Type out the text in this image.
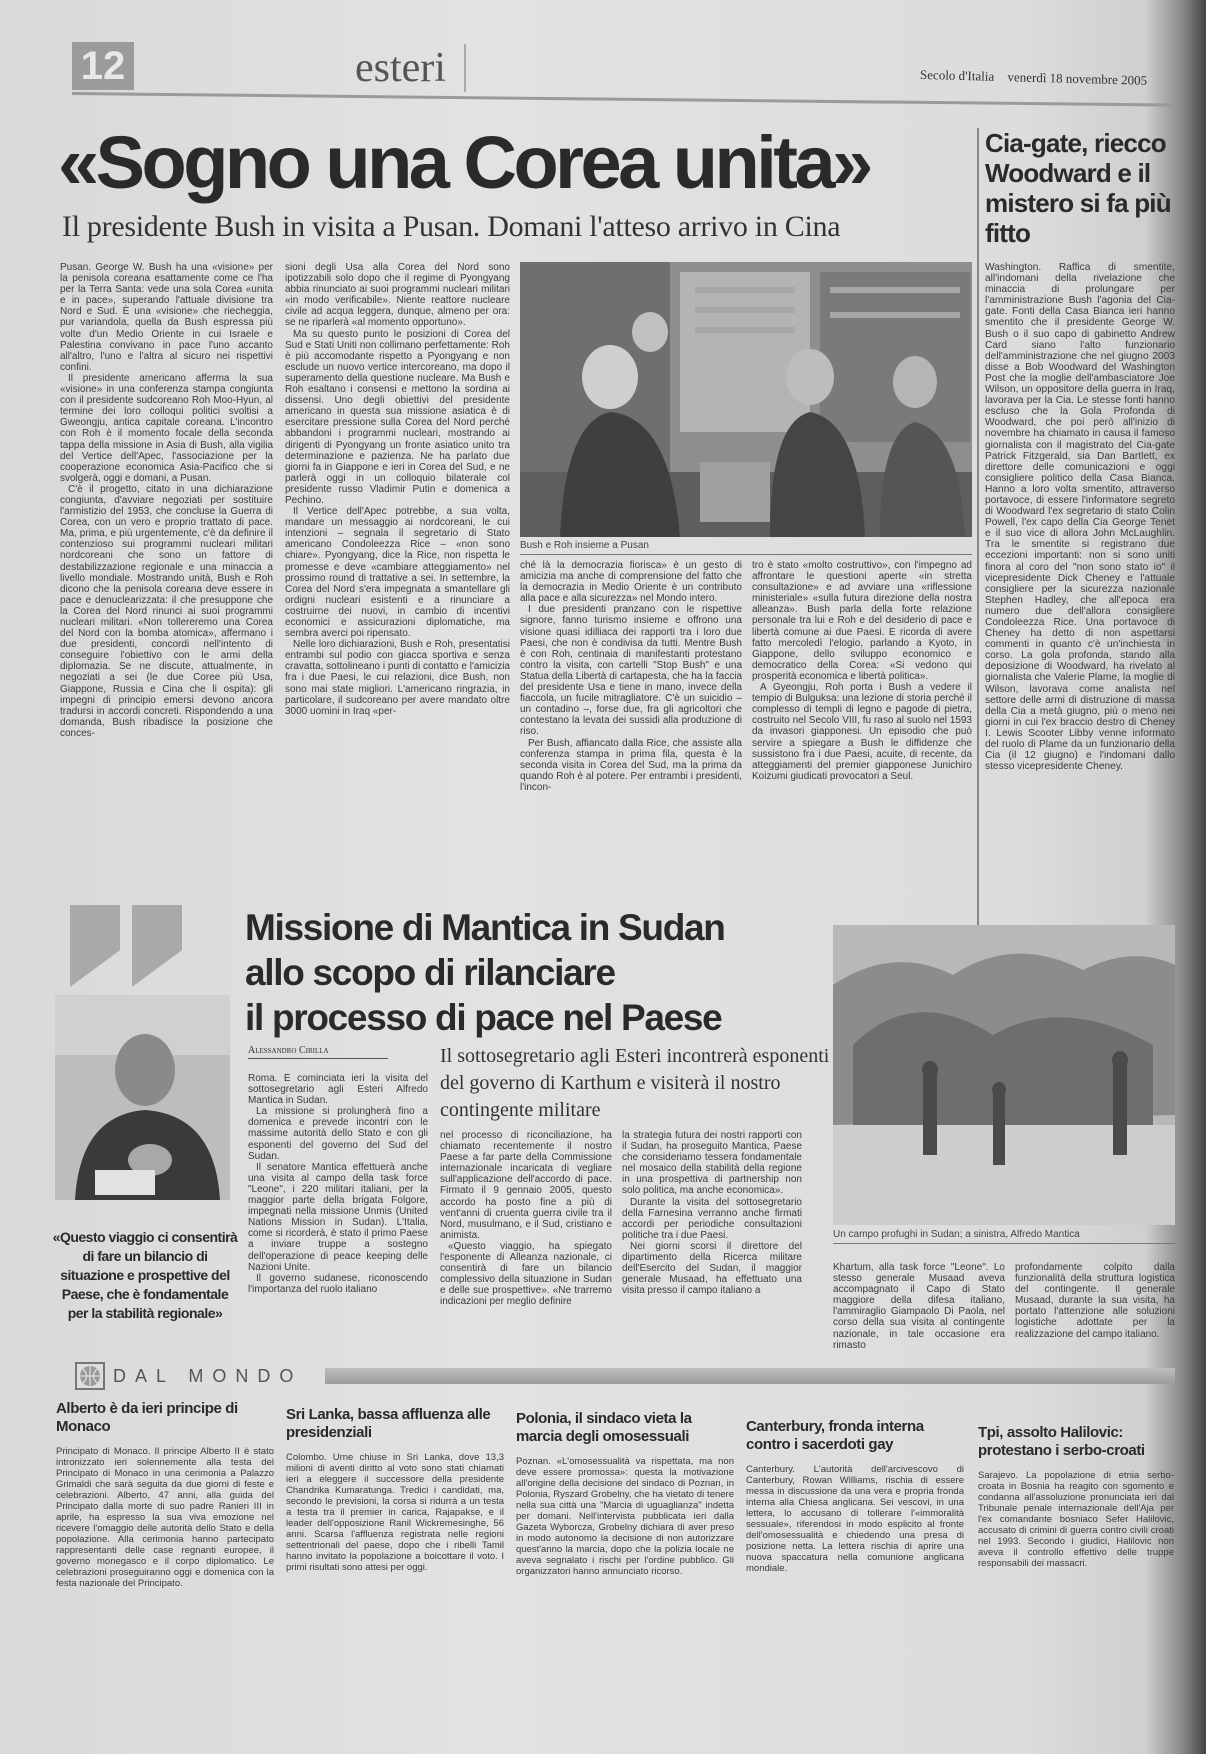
12	esteri	Secolo d'Italia venerdì 18 novembre 2005
«Sogno una Corea unita»
Il presidente Bush in visita a Pusan. Domani l'atteso arrivo in Cina

Pusan. George W. Bush ha una «visione» per la penisola coreana esattamente come ce l'ha per la Terra Santa: vede una sola Corea «unita e in pace», superando l'attuale divisione tra Nord e Sud. È una «visione» che riecheggia, pur variandola, quella da Bush espressa più volte d'un Medio Oriente in cui Israele e Palestina convivano in pace l'uno accanto all'altro, l'uno e l'altra al sicuro nei rispettivi confini.

Il presidente americano afferma la sua «visione» in una conferenza stampa congiunta con il presidente sudcoreano Roh Moo-Hyun, al termine dei loro colloqui politici svoltisi a Gweongju, antica capitale coreana. L'incontro con Roh è il momento focale della seconda tappa della missione in Asia di Bush, alla vigilia del Vertice dell'Apec, l'associazione per la cooperazione economica Asia-Pacifico che si svolgerà, oggi e domani, a Pusan.

C'è il progetto, citato in una dichiarazione congiunta, d'avviare negoziati per sostituire l'armistizio del 1953, che concluse la Guerra di Corea, con un vero e proprio trattato di pace. Ma, prima, e più urgentemente, c'è da definire il contenzioso sui programmi nucleari militari nordcoreani che sono un fattore di destabilizzazione regionale e una minaccia a livello mondiale. Mostrando unità, Bush e Roh dicono che la penisola coreana deve essere in pace e denuclearizzata: il che presuppone che la Corea del Nord rinunci ai suoi programmi nucleari militari. «Non tollereremo una Corea del Nord con la bomba atomica», affermano i due presidenti, concordi nell'intento di conseguire l'obiettivo con le armi della diplomazia. Se ne discute, attualmente, in negoziati a sei (le due Coree più Usa, Giappone, Russia e Cina che li ospita): gli impegni di principio emersi devono ancora tradursi in accordi concreti. Rispondendo a una domanda, Bush ribadisce la posizione che conces-

sioni degli Usa alla Corea del Nord sono ipotizzabili solo dopo che il regime di Pyongyang abbia rinunciato ai suoi programmi nucleari militari «in modo verificabile». Niente reattore nucleare civile ad acqua leggera, dunque, almeno per ora: se ne riparlerà «al momento opportuno».

Ma su questo punto le posizioni di Corea del Sud e Stati Uniti non collimano perfettamente: Roh è più accomodante rispetto a Pyongyang e non esclude un nuovo vertice intercoreano, ma dopo il superamento della questione nucleare. Ma Bush e Roh esaltano i consensi e mettono la sordina ai dissensi. Uno degli obiettivi del presidente americano in questa sua missione asiatica è di esercitare pressione sulla Corea del Nord perché abbandoni i programmi nucleari, mostrando ai dirigenti di Pyongyang un fronte asiatico unito tra determinazione e pazienza. Ne ha parlato due giorni fa in Giappone e ieri in Corea del Sud, e ne parlerà oggi in un colloquio bilaterale col presidente russo Vladimir Putin e domenica a Pechino.

Il Vertice dell'Apec potrebbe, a sua volta, mandare un messaggio ai nordcoreani, le cui intenzioni – segnala il segretario di Stato americano Condoleezza Rice – «non sono chiare». Pyongyang, dice la Rice, non rispetta le promesse e deve «cambiare atteggiamento» nel prossimo round di trattative a sei. In settembre, la Corea del Nord s'era impegnata a smantellare gli ordigni nucleari esistenti e a rinunciare a costruirne dei nuovi, in cambio di incentivi economici e assicurazioni diplomatiche, ma sembra averci poi ripensato.

Nelle loro dichiarazioni, Bush e Roh, presentatisi entrambi sul podio con giacca sportiva e senza cravatta, sottolineano i punti di contatto e l'amicizia fra i due Paesi, le cui relazioni, dice Bush, non sono mai state migliori. L'americano ringrazia, in particolare, il sudcoreano per avere mandato oltre 3000 uomini in Iraq «per-

Bush e Roh insieme a Pusan

ché là la democrazia fiorisca» è un gesto di amicizia ma anche di comprensione del fatto che la democrazia in Medio Oriente è un contributo alla pace e alla sicurezza» nel Mondo intero.

I due presidenti pranzano con le rispettive signore, fanno turismo insieme e offrono una visione quasi idilliaca dei rapporti tra i loro due Paesi, che non è condivisa da tutti. Mentre Bush è con Roh, centinaia di manifestanti protestano contro la visita, con cartelli "Stop Bush" e una Statua della Libertà di cartapesta, che ha la faccia del presidente Usa e tiene in mano, invece della fiaccola, un fucile mitragliatore. C'è un suicidio – un contadino –, forse due, fra gli agricoltori che contestano la levata dei sussidi alla produzione di riso.

Per Bush, affiancato dalla Rice, che assiste alla conferenza stampa in prima fila, questa è la seconda visita in Corea del Sud, ma la prima da quando Roh è al potere. Per entrambi i presidenti, l'incon-

tro è stato «molto costruttivo», con l'impegno ad affrontare le questioni aperte «in stretta consultazione» e ad avviare una «riflessione ministeriale» «sulla futura direzione della nostra alleanza». Bush parla della forte relazione personale tra lui e Roh e del desiderio di pace e libertà comune ai due Paesi. E ricorda di avere fatto mercoledì l'elogio, parlando a Kyoto, in Giappone, dello sviluppo economico e democratico della Corea: «Si vedono qui prosperità economica e libertà politica».

A Gyeongju, Roh porta i Bush a vedere il tempio di Bulguksa: una lezione di storia perché il complesso di templi di legno e pagode di pietra, costruito nel Secolo VIII, fu raso al suolo nel 1593 da invasori giapponesi. Un episodio che può servire a spiegare a Bush le diffidenze che sussistono fra i due Paesi, acuite, di recente, da atteggiamenti del premier giapponese Junichiro Koizumi giudicati provocatori a Seul.

Cia-gate, riecco Woodward e il mistero si fa più fitto

Washington. Raffica di smentite, all'indomani della rivelazione che minaccia di prolungare per l'amministrazione Bush l'agonia del Cia-gate. Fonti della Casa Bianca ieri hanno smentito che il presidente George W. Bush o il suo capo di gabinetto Andrew Card siano l'alto funzionario dell'amministrazione che nel giugno 2003 disse a Bob Woodward del Washington Post che la moglie dell'ambasciatore Joe Wilson, un oppositore della guerra in Iraq, lavorava per la Cia. Le stesse fonti hanno escluso che la Gola Profonda di Woodward, che poi però all'inizio di novembre ha chiamato in causa il famoso giornalista con il magistrato del Cia-gate Patrick Fitzgerald, sia Dan Bartlett, ex direttore delle comunicazioni e oggi consigliere politico della Casa Bianca. Hanno a loro volta smentito, attraverso portavoce, di essere l'informatore segreto di Woodward l'ex segretario di stato Colin Powell, l'ex capo della Cia George Tenet e il suo vice di allora John McLaughlin. Tra le smentite si registrano due eccezioni importanti: non si sono uniti finora al coro del "non sono stato io" il vicepresidente Dick Cheney e l'attuale consigliere per la sicurezza nazionale Stephen Hadley, che all'epoca era numero due dell'allora consigliere Condoleezza Rice. Una portavoce di Cheney ha detto di non aspettarsi commenti in quanto c'è un'inchiesta in corso. La gola profonda, stando alla deposizione di Woodward, ha rivelato al giornalista che Valerie Plame, la moglie di Wilson, lavorava come analista nel settore delle armi di distruzione di massa della Cia a metà giugno, più o meno nei giorni in cui l'ex braccio destro di Cheney I. Lewis Scooter Libby venne informato del ruolo di Plame da un funzionario della Cia (il 12 giugno) e l'indomani dallo stesso vicepresidente Cheney.

Missione di Mantica in Sudan
allo scopo di rilanciare
il processo di pace nel Paese
«Questo viaggio ci consentirà di fare un bilancio di situazione e prospettive del Paese, che è fondamentale per la stabilità regionale»
Alessandro Cirilla	Il sottosegretario agli Esteri incontrerà esponenti del governo di Karthum e visiterà il nostro contingente militare

Roma. È cominciata ieri la visita del sottosegretario agli Esteri Alfredo Mantica in Sudan.

La missione si prolungherà fino a domenica e prevede incontri con le massime autorità dello Stato e con gli esponenti del governo del Sud del Sudan.

Il senatore Mantica effettuerà anche una visita al campo della task force "Leone", i 220 militari italiani, per la maggior parte della brigata Folgore, impegnati nella missione Unmis (United Nations Mission in Sudan). L'Italia, come si ricorderà, è stato il primo Paese a inviare truppe a sostegno dell'operazione di peace keeping delle Nazioni Unite.

Il governo sudanese, riconoscendo l'importanza del ruolo italiano

nel processo di riconciliazione, ha chiamato recentemente il nostro Paese a far parte della Commissione internazionale incaricata di vegliare sull'applicazione dell'accordo di pace. Firmato il 9 gennaio 2005, questo accordo ha posto fine a più di vent'anni di cruenta guerra civile tra il Nord, musulmano, e il Sud, cristiano e animista.

«Questo viaggio, ha spiegato l'esponente di Alleanza nazionale, ci consentirà di fare un bilancio complessivo della situazione in Sudan e delle sue prospettive». «Ne trarremo indicazioni per meglio definire

la strategia futura dei nostri rapporti con il Sudan, ha proseguito Mantica, Paese che consideriamo tessera fondamentale nel mosaico della stabilità della regione in una prospettiva di partnership non solo politica, ma anche economica».

Durante la visita del sottosegretario della Farnesina verranno anche firmati accordi per periodiche consultazioni politiche tra i due Paesi.

Nei giorni scorsi il direttore del dipartimento della Ricerca militare dell'Esercito del Sudan, il maggior generale Musaad, ha effettuato una visita presso il campo italiano a

Un campo profughi in Sudan; a sinistra, Alfredo Mantica

Khartum, alla task force "Leone". Lo stesso generale Musaad aveva accompagnato il Capo di Stato maggiore della difesa italiano, l'ammiraglio Giampaolo Di Paola, nel corso della sua visita al contingente nazionale, in tale occasione era rimasto

profondamente colpito dalla funzionalità della struttura logistica del contingente. Il generale Musaad, durante la sua visita, ha portato l'attenzione alle soluzioni logistiche adottate per la realizzazione del campo italiano.

DAL MONDO
Alberto è da ieri principe di Monaco
Principato di Monaco. Il principe Alberto II è stato intronizzato ieri solennemente alla testa del Principato di Monaco in una cerimonia a Palazzo Grimaldi che sarà seguita da due giorni di feste e celebrazioni. Alberto, 47 anni, alla guida del Principato dalla morte di suo padre Ranieri III in aprile, ha espresso la sua viva emozione nel ricevere l'omaggio delle autorità dello Stato e della popolazione. Alla cerimonia hanno partecipato rappresentanti delle case regnanti europee, il governo monegasco e il corpo diplomatico. Le celebrazioni proseguiranno oggi e domenica con la festa nazionale del Principato.
Sri Lanka, bassa affluenza alle presidenziali
Colombo. Urne chiuse in Sri Lanka, dove 13,3 milioni di aventi diritto al voto sono stati chiamati ieri a eleggere il successore della presidente Chandrika Kumaratunga. Tredici i candidati, ma, secondo le previsioni, la corsa si ridurrà a un testa a testa tra il premier in carica, Rajapakse, e il leader dell'opposizione Ranil Wickremesinghe, 56 anni. Scarsa l'affluenza registrata nelle regioni settentrionali del paese, dopo che i ribelli Tamil hanno invitato la popolazione a boicottare il voto. I primi risultati sono attesi per oggi.
Polonia, il sindaco vieta la marcia degli omosessuali
Poznan. «L'omosessualità va rispettata, ma non deve essere promossa»: questa la motivazione all'origine della decisione del sindaco di Poznan, in Polonia, Ryszard Grobelny, che ha vietato di tenere nella sua città una "Marcia di uguaglianza" indetta per domani. Nell'intervista pubblicata ieri dalla Gazeta Wyborcza, Grobelny dichiara di aver preso in modo autonomo la decisione di non autorizzare quest'anno la marcia, dopo che la polizia locale ne aveva segnalato i rischi per l'ordine pubblico. Gli organizzatori hanno annunciato ricorso.
Canterbury, fronda interna contro i sacerdoti gay
Canterbury. L'autorità dell'arcivescovo di Canterbury, Rowan Williams, rischia di essere messa in discussione da una vera e propria fronda interna alla Chiesa anglicana. Sei vescovi, in una lettera, lo accusano di tollerare l'«immoralità sessuale», riferendosi in modo esplicito al fronte dell'omosessualità e chiedendo una presa di posizione netta. La lettera rischia di aprire una nuova spaccatura nella comunione anglicana mondiale.
Tpi, assolto Halilovic: protestano i serbo-croati
Sarajevo. La popolazione di etnia serbo-croata in Bosnia ha reagito con sgomento e condanna all'assoluzione pronunciata ieri dal Tribunale penale internazionale dell'Aja per l'ex comandante bosniaco Sefer Halilovic, accusato di crimini di guerra contro civili croati nel 1993. Secondo i giudici, Halilovic non aveva il controllo effettivo delle truppe responsabili dei massacri.
